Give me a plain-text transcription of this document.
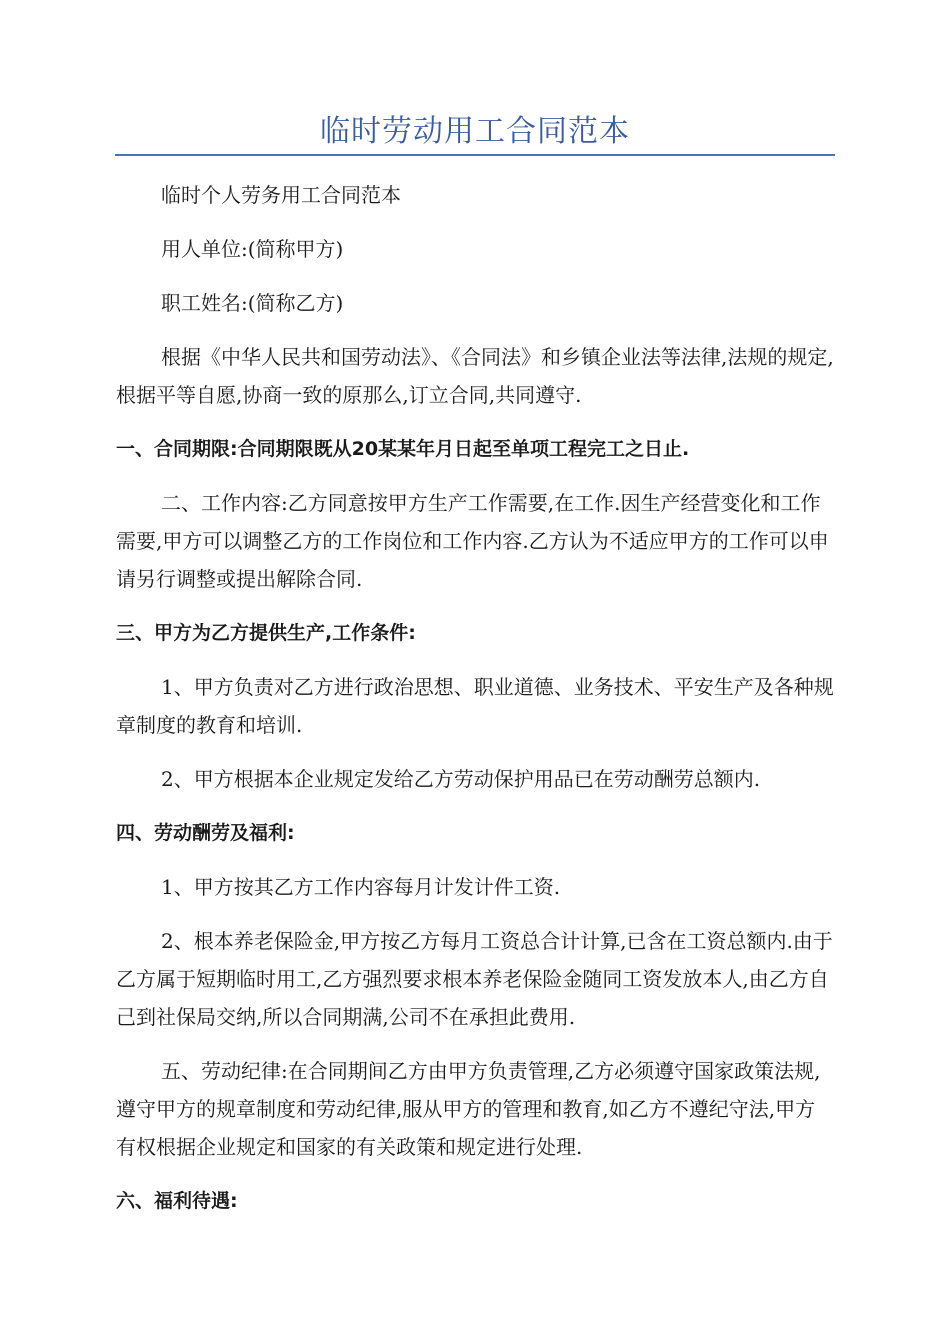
临时劳动用工合同范本
临时个人劳务用工合同范本
用人单位:(简称甲方)
职工姓名:(简称乙方)
根据《中华人民共和国劳动法》、《合同法》和乡镇企业法等法律,法规的规定,根据平等自愿,协商一致的原那么,订立合同,共同遵守.
一、合同期限:合同期限既从20某某年月日起至单项工程完工之日止.
二、工作内容:乙方同意按甲方生产工作需要,在工作.因生产经营变化和工作需要,甲方可以调整乙方的工作岗位和工作内容.乙方认为不适应甲方的工作可以申请另行调整或提出解除合同.
三、甲方为乙方提供生产,工作条件:
1、甲方负责对乙方进行政治思想、职业道德、业务技术、平安生产及各种规章制度的教育和培训.
2、甲方根据本企业规定发给乙方劳动保护用品已在劳动酬劳总额内.
四、劳动酬劳及福利:
1、甲方按其乙方工作内容每月计发计件工资.
2、根本养老保险金,甲方按乙方每月工资总合计计算,已含在工资总额内.由于乙方属于短期临时用工,乙方强烈要求根本养老保险金随同工资发放本人,由乙方自己到社保局交纳,所以合同期满,公司不在承担此费用.
五、劳动纪律:在合同期间乙方由甲方负责管理,乙方必须遵守国家政策法规,遵守甲方的规章制度和劳动纪律,服从甲方的管理和教育,如乙方不遵纪守法,甲方有权根据企业规定和国家的有关政策和规定进行处理.
六、福利待遇:
